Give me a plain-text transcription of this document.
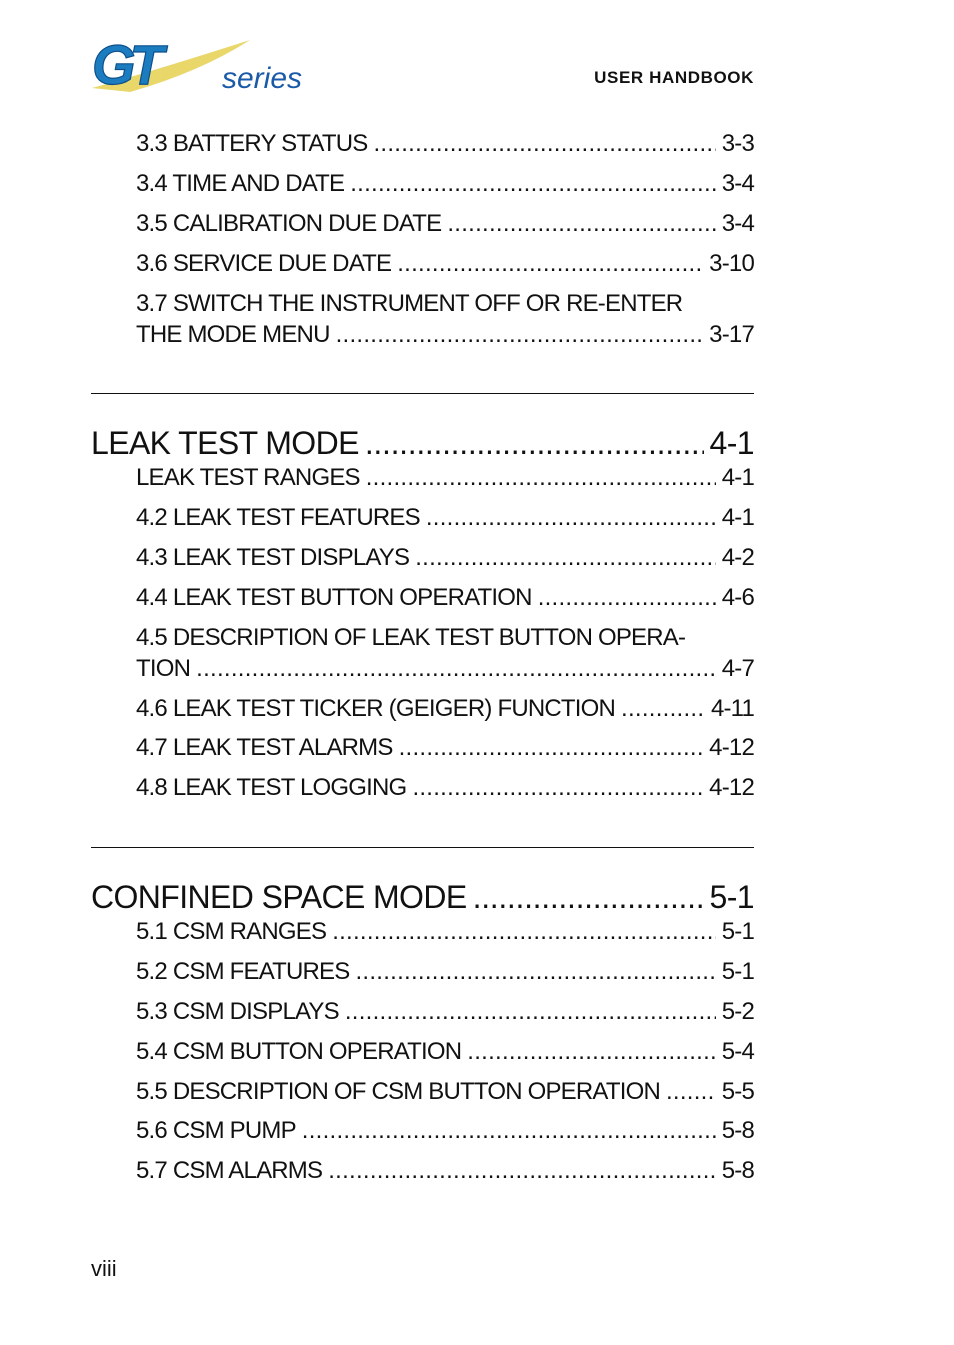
GT	series	USER HANDBOOK
3.3 BATTERY STATUS . . .	3-3
3.4 TIME AND DATE . . .	3-4
3.5 CALIBRATION DUE DATE . . .	3-4
3.6 SERVICE DUE DATE . . .	3-10
3.7 SWITCH THE INSTRUMENT OFF OR RE-ENTER
THE MODE MENU . . .	3-17
LEAK TEST MODE . . .	4-1
LEAK TEST RANGES . . .	4-1
4.2 LEAK TEST FEATURES . . .	4-1
4.3 LEAK TEST DISPLAYS . . .	4-2
4.4 LEAK TEST BUTTON OPERATION . . .	4-6
4.5 DESCRIPTION OF LEAK TEST BUTTON OPERA-
TION . . .	4-7
4.6 LEAK TEST TICKER (GEIGER) FUNCTION . . .	4-11
4.7 LEAK TEST ALARMS . . .	4-12
4.8 LEAK TEST LOGGING . . .	4-12
CONFINED SPACE MODE . . .	5-1
5.1 CSM RANGES . . .	5-1
5.2 CSM FEATURES . . .	5-1
5.3 CSM DISPLAYS . . .	5-2
5.4 CSM BUTTON OPERATION . . .	5-4
5.5 DESCRIPTION OF CSM BUTTON OPERATION . . .	5-5
5.6 CSM PUMP . . .	5-8
5.7 CSM ALARMS . . .	5-8
viii
